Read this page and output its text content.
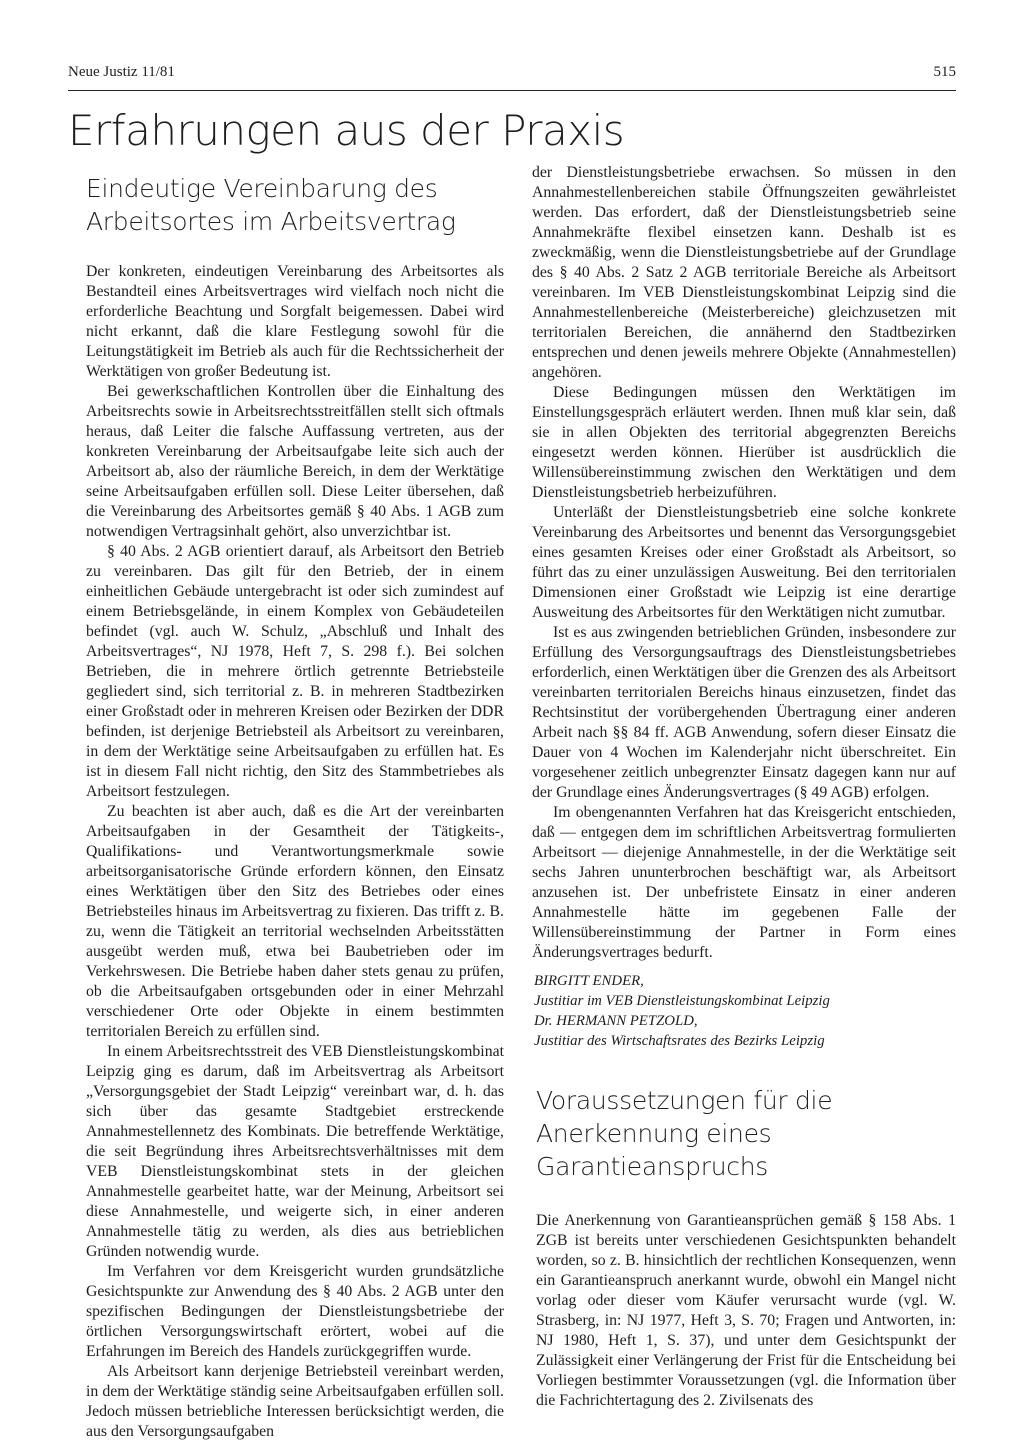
Neue Justiz 11/81	515
Erfahrungen aus der Praxis
Eindeutige Vereinbarung des Arbeitsortes im Arbeitsvertrag

Der konkreten, eindeutigen Vereinbarung des Arbeitsortes als Bestandteil eines Arbeitsvertrages wird vielfach noch nicht die erforderliche Beachtung und Sorgfalt beigemessen. Dabei wird nicht erkannt, daß die klare Festlegung sowohl für die Leitungstätigkeit im Betrieb als auch für die Rechtssicherheit der Werktätigen von großer Bedeutung ist.

Bei gewerkschaftlichen Kontrollen über die Einhaltung des Arbeitsrechts sowie in Arbeitsrechtsstreitfällen stellt sich oftmals heraus, daß Leiter die falsche Auffassung vertreten, aus der konkreten Vereinbarung der Arbeitsaufgabe leite sich auch der Arbeitsort ab, also der räumliche Bereich, in dem der Werktätige seine Arbeitsaufgaben erfüllen soll. Diese Leiter übersehen, daß die Vereinbarung des Arbeitsortes gemäß § 40 Abs. 1 AGB zum notwendigen Vertragsinhalt gehört, also unverzichtbar ist.

§ 40 Abs. 2 AGB orientiert darauf, als Arbeitsort den Betrieb zu vereinbaren. Das gilt für den Betrieb, der in einem einheitlichen Gebäude untergebracht ist oder sich zumindest auf einem Betriebsgelände, in einem Komplex von Gebäudeteilen befindet (vgl. auch W. Schulz, „Abschluß und Inhalt des Arbeitsvertrages“, NJ 1978, Heft 7, S. 298 f.). Bei solchen Betrieben, die in mehrere örtlich getrennte Betriebsteile gegliedert sind, sich territorial z. B. in mehreren Stadtbezirken einer Großstadt oder in mehreren Kreisen oder Bezirken der DDR befinden, ist derjenige Betriebsteil als Arbeitsort zu vereinbaren, in dem der Werktätige seine Arbeitsaufgaben zu erfüllen hat. Es ist in diesem Fall nicht richtig, den Sitz des Stammbetriebes als Arbeitsort festzulegen.

Zu beachten ist aber auch, daß es die Art der vereinbarten Arbeitsaufgaben in der Gesamtheit der Tätigkeits-, Qualifikations- und Verantwortungsmerkmale sowie arbeitsorganisatorische Gründe erfordern können, den Einsatz eines Werktätigen über den Sitz des Betriebes oder eines Betriebsteiles hinaus im Arbeitsvertrag zu fixieren. Das trifft z. B. zu, wenn die Tätigkeit an territorial wechselnden Arbeitsstätten ausgeübt werden muß, etwa bei Baubetrieben oder im Verkehrswesen. Die Betriebe haben daher stets genau zu prüfen, ob die Arbeitsaufgaben ortsgebunden oder in einer Mehrzahl verschiedener Orte oder Objekte in einem bestimmten territorialen Bereich zu erfüllen sind.

In einem Arbeitsrechtsstreit des VEB Dienstleistungskombinat Leipzig ging es darum, daß im Arbeitsvertrag als Arbeitsort „Versorgungsgebiet der Stadt Leipzig“ vereinbart war, d. h. das sich über das gesamte Stadtgebiet erstreckende Annahmestellennetz des Kombinats. Die betreffende Werktätige, die seit Begründung ihres Arbeitsrechtsverhältnisses mit dem VEB Dienstleistungskombinat stets in der gleichen Annahmestelle gearbeitet hatte, war der Meinung, Arbeitsort sei diese Annahmestelle, und weigerte sich, in einer anderen Annahmestelle tätig zu werden, als dies aus betrieblichen Gründen notwendig wurde.

Im Verfahren vor dem Kreisgericht wurden grundsätzliche Gesichtspunkte zur Anwendung des § 40 Abs. 2 AGB unter den spezifischen Bedingungen der Dienstleistungsbetriebe der örtlichen Versorgungswirtschaft erörtert, wobei auf die Erfahrungen im Bereich des Handels zurückgegriffen wurde.

Als Arbeitsort kann derjenige Betriebsteil vereinbart werden, in dem der Werktätige ständig seine Arbeitsaufgaben erfüllen soll. Jedoch müssen betriebliche Interessen berücksichtigt werden, die aus den Versorgungsaufgaben

der Dienstleistungsbetriebe erwachsen. So müssen in den Annahmestellenbereichen stabile Öffnungszeiten gewährleistet werden. Das erfordert, daß der Dienstleistungsbetrieb seine Annahmekräfte flexibel einsetzen kann. Deshalb ist es zweckmäßig, wenn die Dienstleistungsbetriebe auf der Grundlage des § 40 Abs. 2 Satz 2 AGB territoriale Bereiche als Arbeitsort vereinbaren. Im VEB Dienstleistungskombinat Leipzig sind die Annahmestellenbereiche (Meisterbereiche) gleichzusetzen mit territorialen Bereichen, die annähernd den Stadtbezirken entsprechen und denen jeweils mehrere Objekte (Annahmestellen) angehören.

Diese Bedingungen müssen den Werktätigen im Einstellungsgespräch erläutert werden. Ihnen muß klar sein, daß sie in allen Objekten des territorial abgegrenzten Bereichs eingesetzt werden können. Hierüber ist ausdrücklich die Willensübereinstimmung zwischen den Werktätigen und dem Dienstleistungsbetrieb herbeizuführen.

Unterläßt der Dienstleistungsbetrieb eine solche konkrete Vereinbarung des Arbeitsortes und benennt das Versorgungsgebiet eines gesamten Kreises oder einer Großstadt als Arbeitsort, so führt das zu einer unzulässigen Ausweitung. Bei den territorialen Dimensionen einer Großstadt wie Leipzig ist eine derartige Ausweitung des Arbeitsortes für den Werktätigen nicht zumutbar.

Ist es aus zwingenden betrieblichen Gründen, insbesondere zur Erfüllung des Versorgungsauftrags des Dienstleistungsbetriebes erforderlich, einen Werktätigen über die Grenzen des als Arbeitsort vereinbarten territorialen Bereichs hinaus einzusetzen, findet das Rechtsinstitut der vorübergehenden Übertragung einer anderen Arbeit nach §§ 84 ff. AGB Anwendung, sofern dieser Einsatz die Dauer von 4 Wochen im Kalenderjahr nicht überschreitet. Ein vorgesehener zeitlich unbegrenzter Einsatz dagegen kann nur auf der Grundlage eines Änderungsvertrages (§ 49 AGB) erfolgen.

Im obengenannten Verfahren hat das Kreisgericht entschieden, daß — entgegen dem im schriftlichen Arbeitsvertrag formulierten Arbeitsort — diejenige Annahmestelle, in der die Werktätige seit sechs Jahren ununterbrochen beschäftigt war, als Arbeitsort anzusehen ist. Der unbefristete Einsatz in einer anderen Annahmestelle hätte im gegebenen Falle der Willensübereinstimmung der Partner in Form eines Änderungsvertrages bedurft.

BIRGITT ENDER,
Justitiar im VEB Dienstleistungskombinat Leipzig
Dr. HERMANN PETZOLD,
Justitiar des Wirtschaftsrates des Bezirks Leipzig
Voraussetzungen für die Anerkennung eines Garantieanspruchs

Die Anerkennung von Garantieansprüchen gemäß § 158 Abs. 1 ZGB ist bereits unter verschiedenen Gesichtspunkten behandelt worden, so z. B. hinsichtlich der rechtlichen Konsequenzen, wenn ein Garantieanspruch anerkannt wurde, obwohl ein Mangel nicht vorlag oder dieser vom Käufer verursacht wurde (vgl. W. Strasberg, in: NJ 1977, Heft 3, S. 70; Fragen und Antworten, in: NJ 1980, Heft 1, S. 37), und unter dem Gesichtspunkt der Zulässigkeit einer Verlängerung der Frist für die Entscheidung bei Vorliegen bestimmter Voraussetzungen (vgl. die Information über die Fachrichtertagung des 2. Zivilsenats des
